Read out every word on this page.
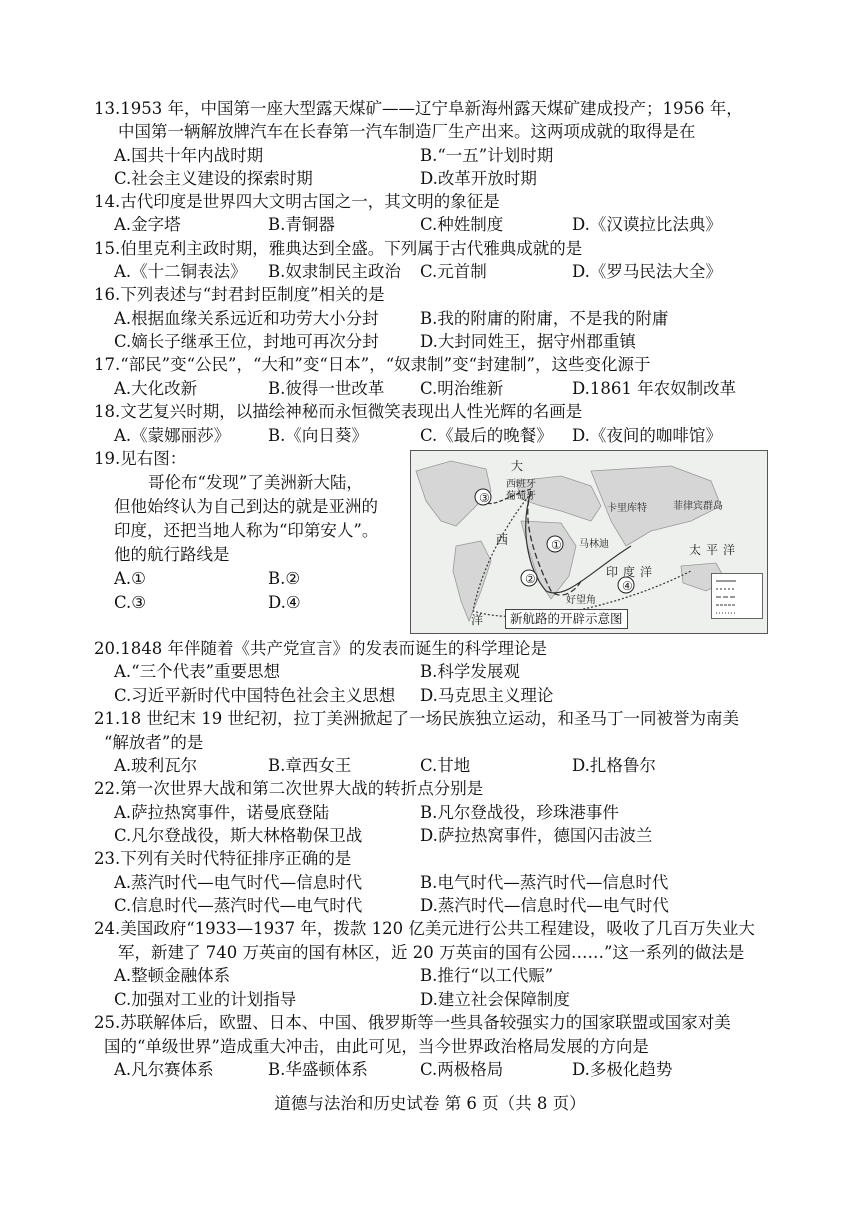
13.1953 年，中国第一座大型露天煤矿——辽宁阜新海州露天煤矿建成投产；1956 年，
中国第一辆解放牌汽车在长春第一汽车制造厂生产出来。这两项成就的取得是在
A.国共十年内战时期	B.“一五”计划时期
C.社会主义建设的探索时期	D.改革开放时期
14.古代印度是世界四大文明古国之一，其文明的象征是
A.金字塔	B.青铜器	C.种姓制度	D.《汉谟拉比法典》
15.伯里克利主政时期，雅典达到全盛。下列属于古代雅典成就的是
A.《十二铜表法》 B.奴隶制民主政治 C.元首制	D.《罗马民法大全》
16.下列表述与“封君封臣制度”相关的是
A.根据血缘关系远近和功劳大小分封	B.我的附庸的附庸，不是我的附庸
C.嫡长子继承王位，封地可再次分封 D.大封同姓王，据守州郡重镇
17.“部民”变“公民”，“大和”变“日本”，“奴隶制”变“封建制”，这些变化源于
A.大化改新	B.彼得一世改革 C.明治维新	D.1861 年农奴制改革
18.文艺复兴时期，以描绘神秘而永恒微笑表现出人性光辉的名画是
A.《蒙娜丽莎》 B.《向日葵》	C.《最后的晚餐》 D.《夜间的咖啡馆》
19.见右图：
哥伦布“发现”了美洲新大陆，
但他始终认为自己到达的就是亚洲的
印度，还把当地人称为“印第安人”。
他的航行路线是
A.①	B.②
C.③	D.④
①
②
③
④
西班牙
葡萄牙
卡里库特
马林迪
好望角
菲律宾群岛
大
西
洋
印 度 洋
太 平 洋
新航路的开辟示意图
20.1848 年伴随着《共产党宣言》的发表而诞生的科学理论是
A.“三个代表”重要思想	B.科学发展观
C.习近平新时代中国特色社会主义思想 D.马克思主义理论
21.18 世纪末 19 世纪初，拉丁美洲掀起了一场民族独立运动，和圣马丁一同被誉为南美
“解放者”的是
A.玻利瓦尔	B.章西女王	C.甘地	D.扎格鲁尔
22.第一次世界大战和第二次世界大战的转折点分别是
A.萨拉热窝事件，诺曼底登陆	B.凡尔登战役，珍珠港事件
C.凡尔登战役，斯大林格勒保卫战	D.萨拉热窝事件，德国闪击波兰
23.下列有关时代特征排序正确的是
A.蒸汽时代—电气时代—信息时代	B.电气时代—蒸汽时代—信息时代
C.信息时代—蒸汽时代—电气时代	D.蒸汽时代—信息时代—电气时代
24.美国政府“1933—1937 年，拨款 120 亿美元进行公共工程建设，吸收了几百万失业大
军，新建了 740 万英亩的国有林区，近 20 万英亩的国有公园……”这一系列的做法是
A.整顿金融体系	B.推行“以工代赈”
C.加强对工业的计划指导	D.建立社会保障制度
25.苏联解体后，欧盟、日本、中国、俄罗斯等一些具备较强实力的国家联盟或国家对美
国的“单级世界”造成重大冲击，由此可见，当今世界政治格局发展的方向是
A.凡尔赛体系	B.华盛顿体系	C.两极格局	D.多极化趋势
道德与法治和历史试卷 第 6 页（共 8 页）
